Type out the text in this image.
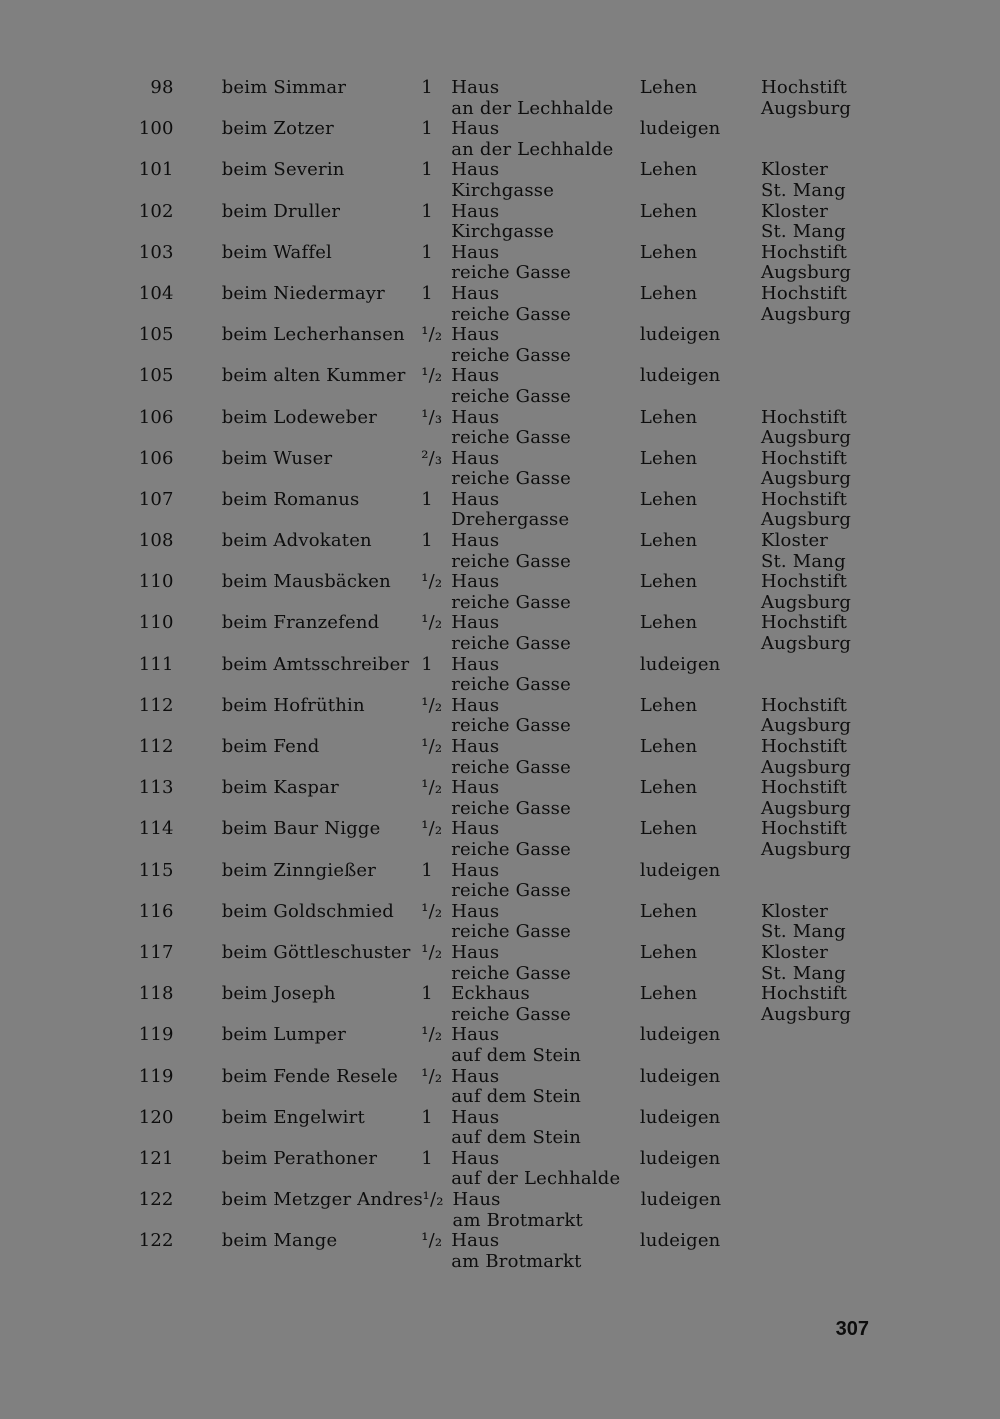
98	beim Simmar	1	Haus
an der Lechhalde
Lehen	Hochstift
Augsburg
100	beim Zotzer	1	Haus
an der Lechhalde
ludeigen
101	beim Severin	1	Haus
Kirchgasse
Lehen	Kloster
St. Mang
102	beim Druller	1	Haus
Kirchgasse
Lehen	Kloster
St. Mang
103	beim Waffel	1	Haus
reiche Gasse
Lehen	Hochstift
Augsburg
104	beim Niedermayr	1	Haus
reiche Gasse
Lehen	Hochstift
Augsburg
105	beim Lecherhansen ¹/₂ Haus
reiche Gasse
ludeigen
105	beim alten Kummer ¹/₂ Haus
reiche Gasse
ludeigen
106	beim Lodeweber	¹/₃ Haus
reiche Gasse
Lehen	Hochstift
Augsburg
106	beim Wuser	²/₃ Haus
reiche Gasse
Lehen	Hochstift
Augsburg
107	beim Romanus	1	Haus
Drehergasse
Lehen	Hochstift
Augsburg
108	beim Advokaten	1	Haus
reiche Gasse
Lehen	Kloster
St. Mang
110	beim Mausbäcken	¹/₂ Haus
reiche Gasse
Lehen	Hochstift
Augsburg
110	beim Franzefend	¹/₂ Haus
reiche Gasse
Lehen	Hochstift
Augsburg
111	beim Amtsschreiber 1	Haus
reiche Gasse
ludeigen
112	beim Hofrüthin	¹/₂ Haus
reiche Gasse
Lehen	Hochstift
Augsburg
112	beim Fend	¹/₂ Haus
reiche Gasse
Lehen	Hochstift
Augsburg
113	beim Kaspar	¹/₂ Haus
reiche Gasse
Lehen	Hochstift
Augsburg
114	beim Baur Nigge	¹/₂ Haus
reiche Gasse
Lehen	Hochstift
Augsburg
115	beim Zinngießer	1	Haus
reiche Gasse
ludeigen
116	beim Goldschmied	¹/₂ Haus
reiche Gasse
Lehen	Kloster
St. Mang
117	beim Göttleschuster ¹/₂ Haus
reiche Gasse
Lehen	Kloster
St. Mang
118	beim Joseph	1	Eckhaus
reiche Gasse
Lehen	Hochstift
Augsburg
119	beim Lumper	¹/₂ Haus
auf dem Stein
ludeigen
119	beim Fende Resele	¹/₂ Haus
auf dem Stein
ludeigen
120	beim Engelwirt	1	Haus
auf dem Stein
ludeigen
121	beim Perathoner	1	Haus
auf der Lechhalde
ludeigen
122	beim Metzger Andres ¹/₂ Haus
am Brotmarkt
ludeigen
122	beim Mange	¹/₂ Haus
am Brotmarkt
ludeigen
307
